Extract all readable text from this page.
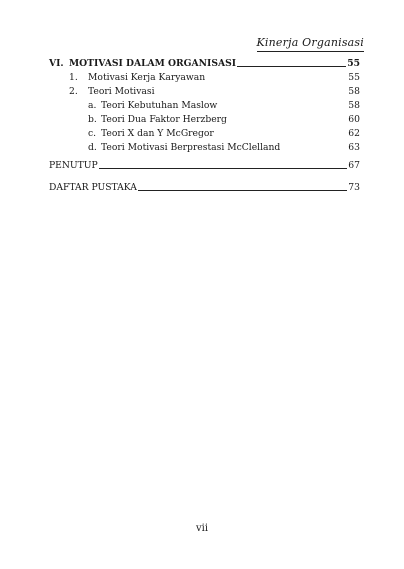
Kinerja Organisasi
VI. MOTIVASI DALAM ORGANISASI	55
1.	Motivasi Kerja Karyawan	55
2.	Teori Motivasi	58
a. Teori Kebutuhan Maslow	58
b. Teori Dua Faktor Herzberg	60
c. Teori X dan Y McGregor	62
d. Teori Motivasi Berprestasi McClelland	63
PENUTUP	67
DAFTAR PUSTAKA	73
vii
